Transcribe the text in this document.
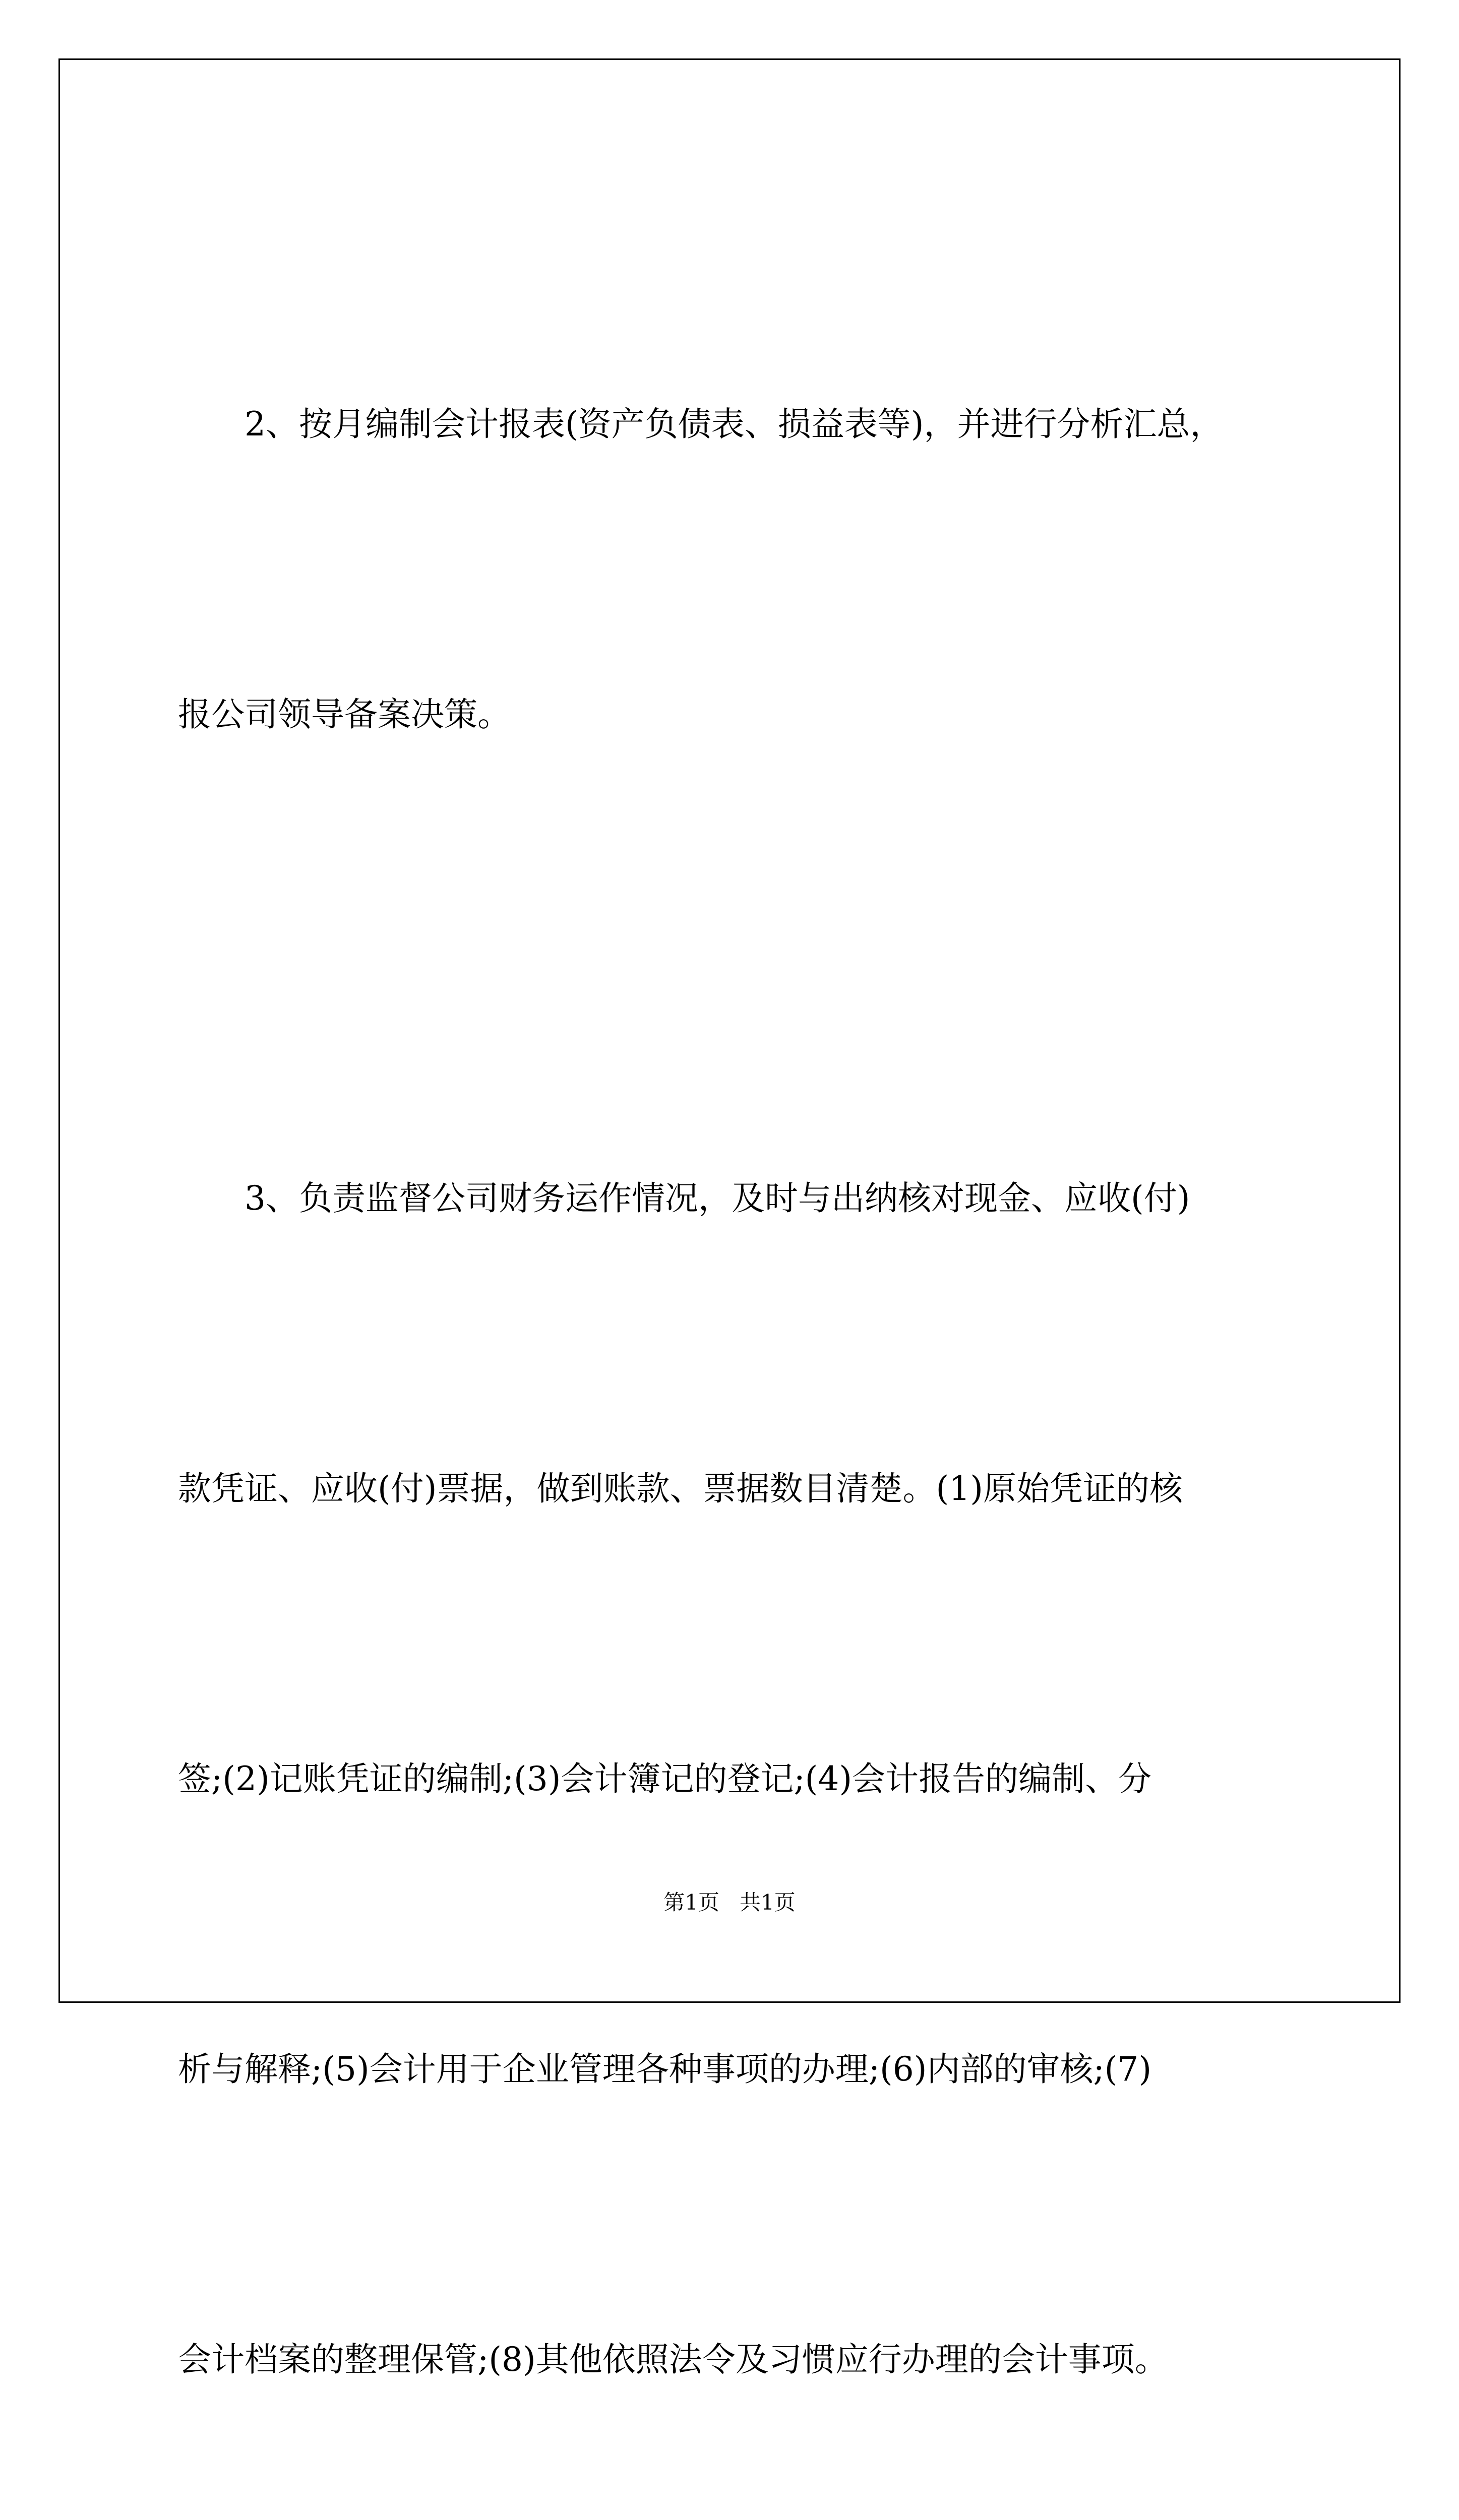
2、按月编制会计报表(资产负债表、损益表等)，并进行分析汇总，

报公司领导备案决策。

3、负责监督公司财务运作情况，及时与出纳核对现金、应收(付)

款凭证、应收(付)票据，做到账款、票据数目清楚。(1)原始凭证的核

签;(2)记账凭证的编制;(3)会计簿记的登记;(4)会计报告的编制、分

析与解释;(5)会计用于企业管理各种事项的办理;(6)内部的审核;(7)

会计档案的整理保管;(8)其他依照法令及习惯应行办理的会计事项。

第1页   共1页
